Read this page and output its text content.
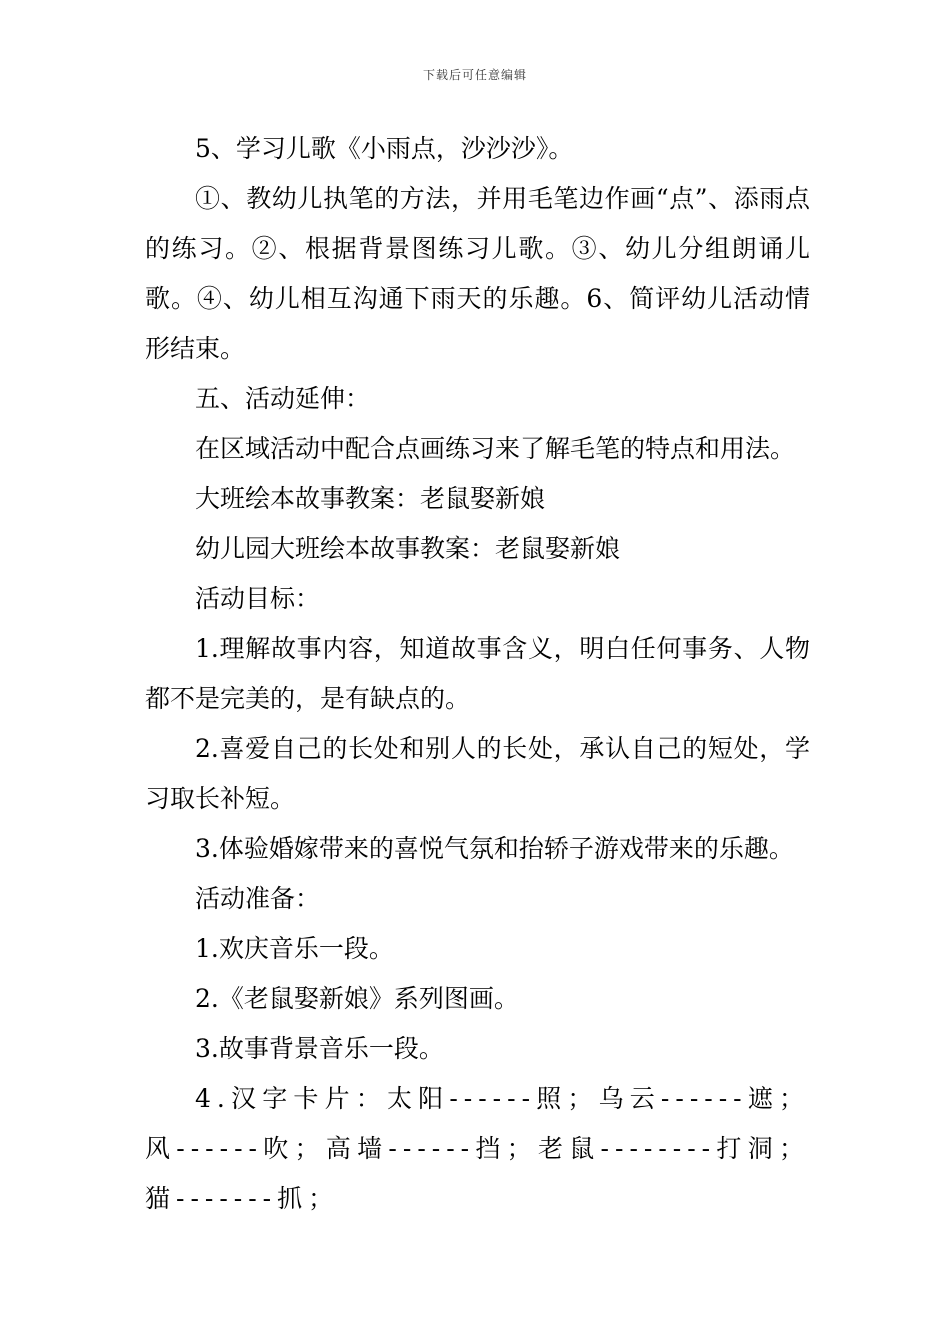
下载后可任意编辑

5、学习儿歌《小雨点，沙沙沙》。

①、教幼儿执笔的方法，并用毛笔边作画“点”、添雨点的练习。②、根据背景图练习儿歌。③、幼儿分组朗诵儿歌。④、幼儿相互沟通下雨天的乐趣。6、简评幼儿活动情形结束。

五、活动延伸：

在区域活动中配合点画练习来了解毛笔的特点和用法。

大班绘本故事教案：老鼠娶新娘

幼儿园大班绘本故事教案：老鼠娶新娘

活动目标：

1.理解故事内容，知道故事含义，明白任何事务、人物都不是完美的，是有缺点的。

2.喜爱自己的长处和别人的长处，承认自己的短处，学习取长补短。

3.体验婚嫁带来的喜悦气氛和抬轿子游戏带来的乐趣。

活动准备：

1.欢庆音乐一段。

2.《老鼠娶新娘》系列图画。

3.故事背景音乐一段。

4.汉字卡片：太阳------照；乌云------遮；风------吹；高墙------挡；老鼠--------打洞；猫-------抓；
